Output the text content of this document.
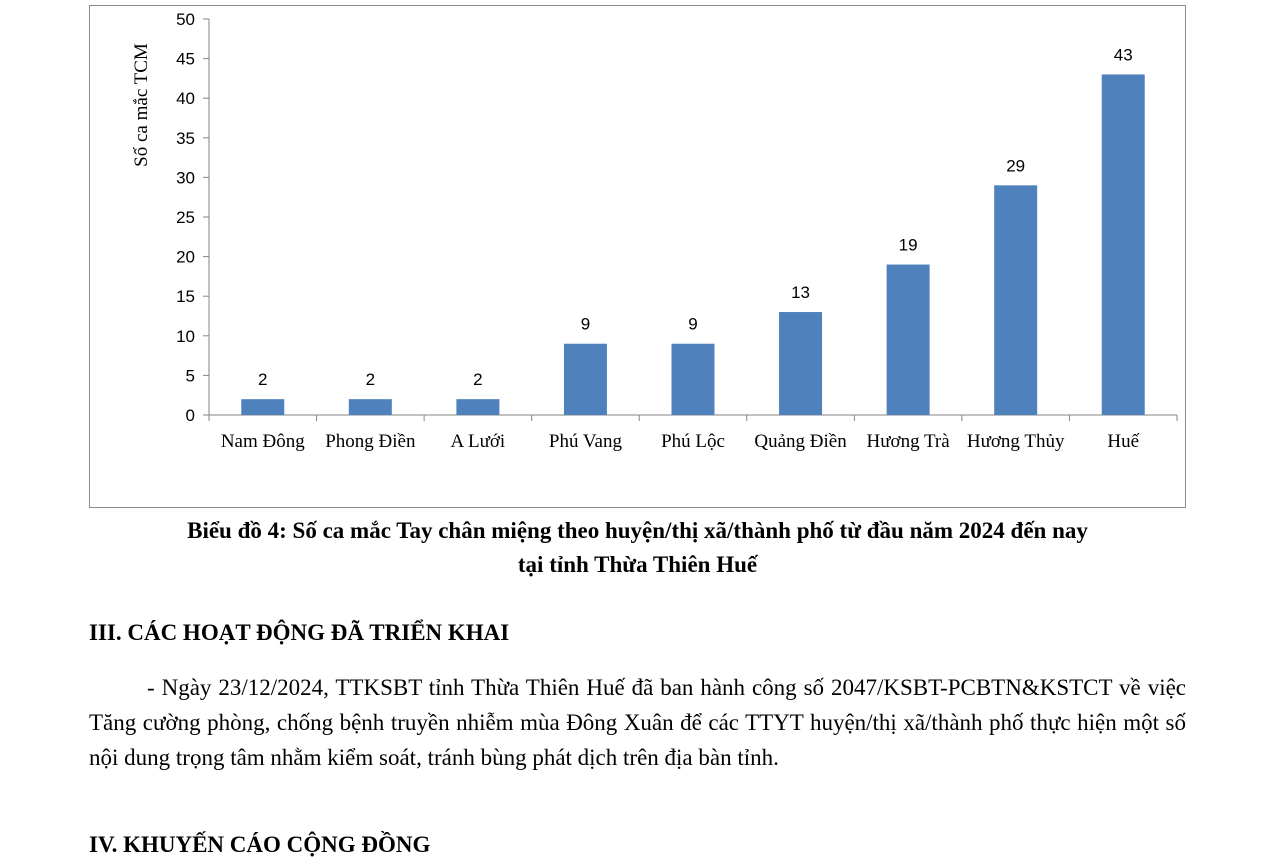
0
5
10
15
20
25
30
35
40
45
50
Số ca mắc TCM
2
Nam Đông
2
Phong Điền
2
A Lưới
9
Phú Vang
9
Phú Lộc
13
Quảng Điền
19
Hương Trà
29
Hương Thủy
43
Huế
Biểu đồ 4: Số ca mắc Tay chân miệng theo huyện/thị xã/thành phố từ đầu năm 2024 đến nay
tại tỉnh Thừa Thiên Huế
III. CÁC HOẠT ĐỘNG ĐÃ TRIỂN KHAI
- Ngày 23/12/2024, TTKSBT tỉnh Thừa Thiên Huế đã ban hành công số 2047/KSBT-PCBTN&KSTCT về việc Tăng cường phòng, chống bệnh truyền nhiễm mùa Đông Xuân để các TTYT huyện/thị xã/thành phố thực hiện một số nội dung trọng tâm nhằm kiểm soát, tránh bùng phát dịch trên địa bàn tỉnh.
IV. KHUYẾN CÁO CỘNG ĐỒNG
